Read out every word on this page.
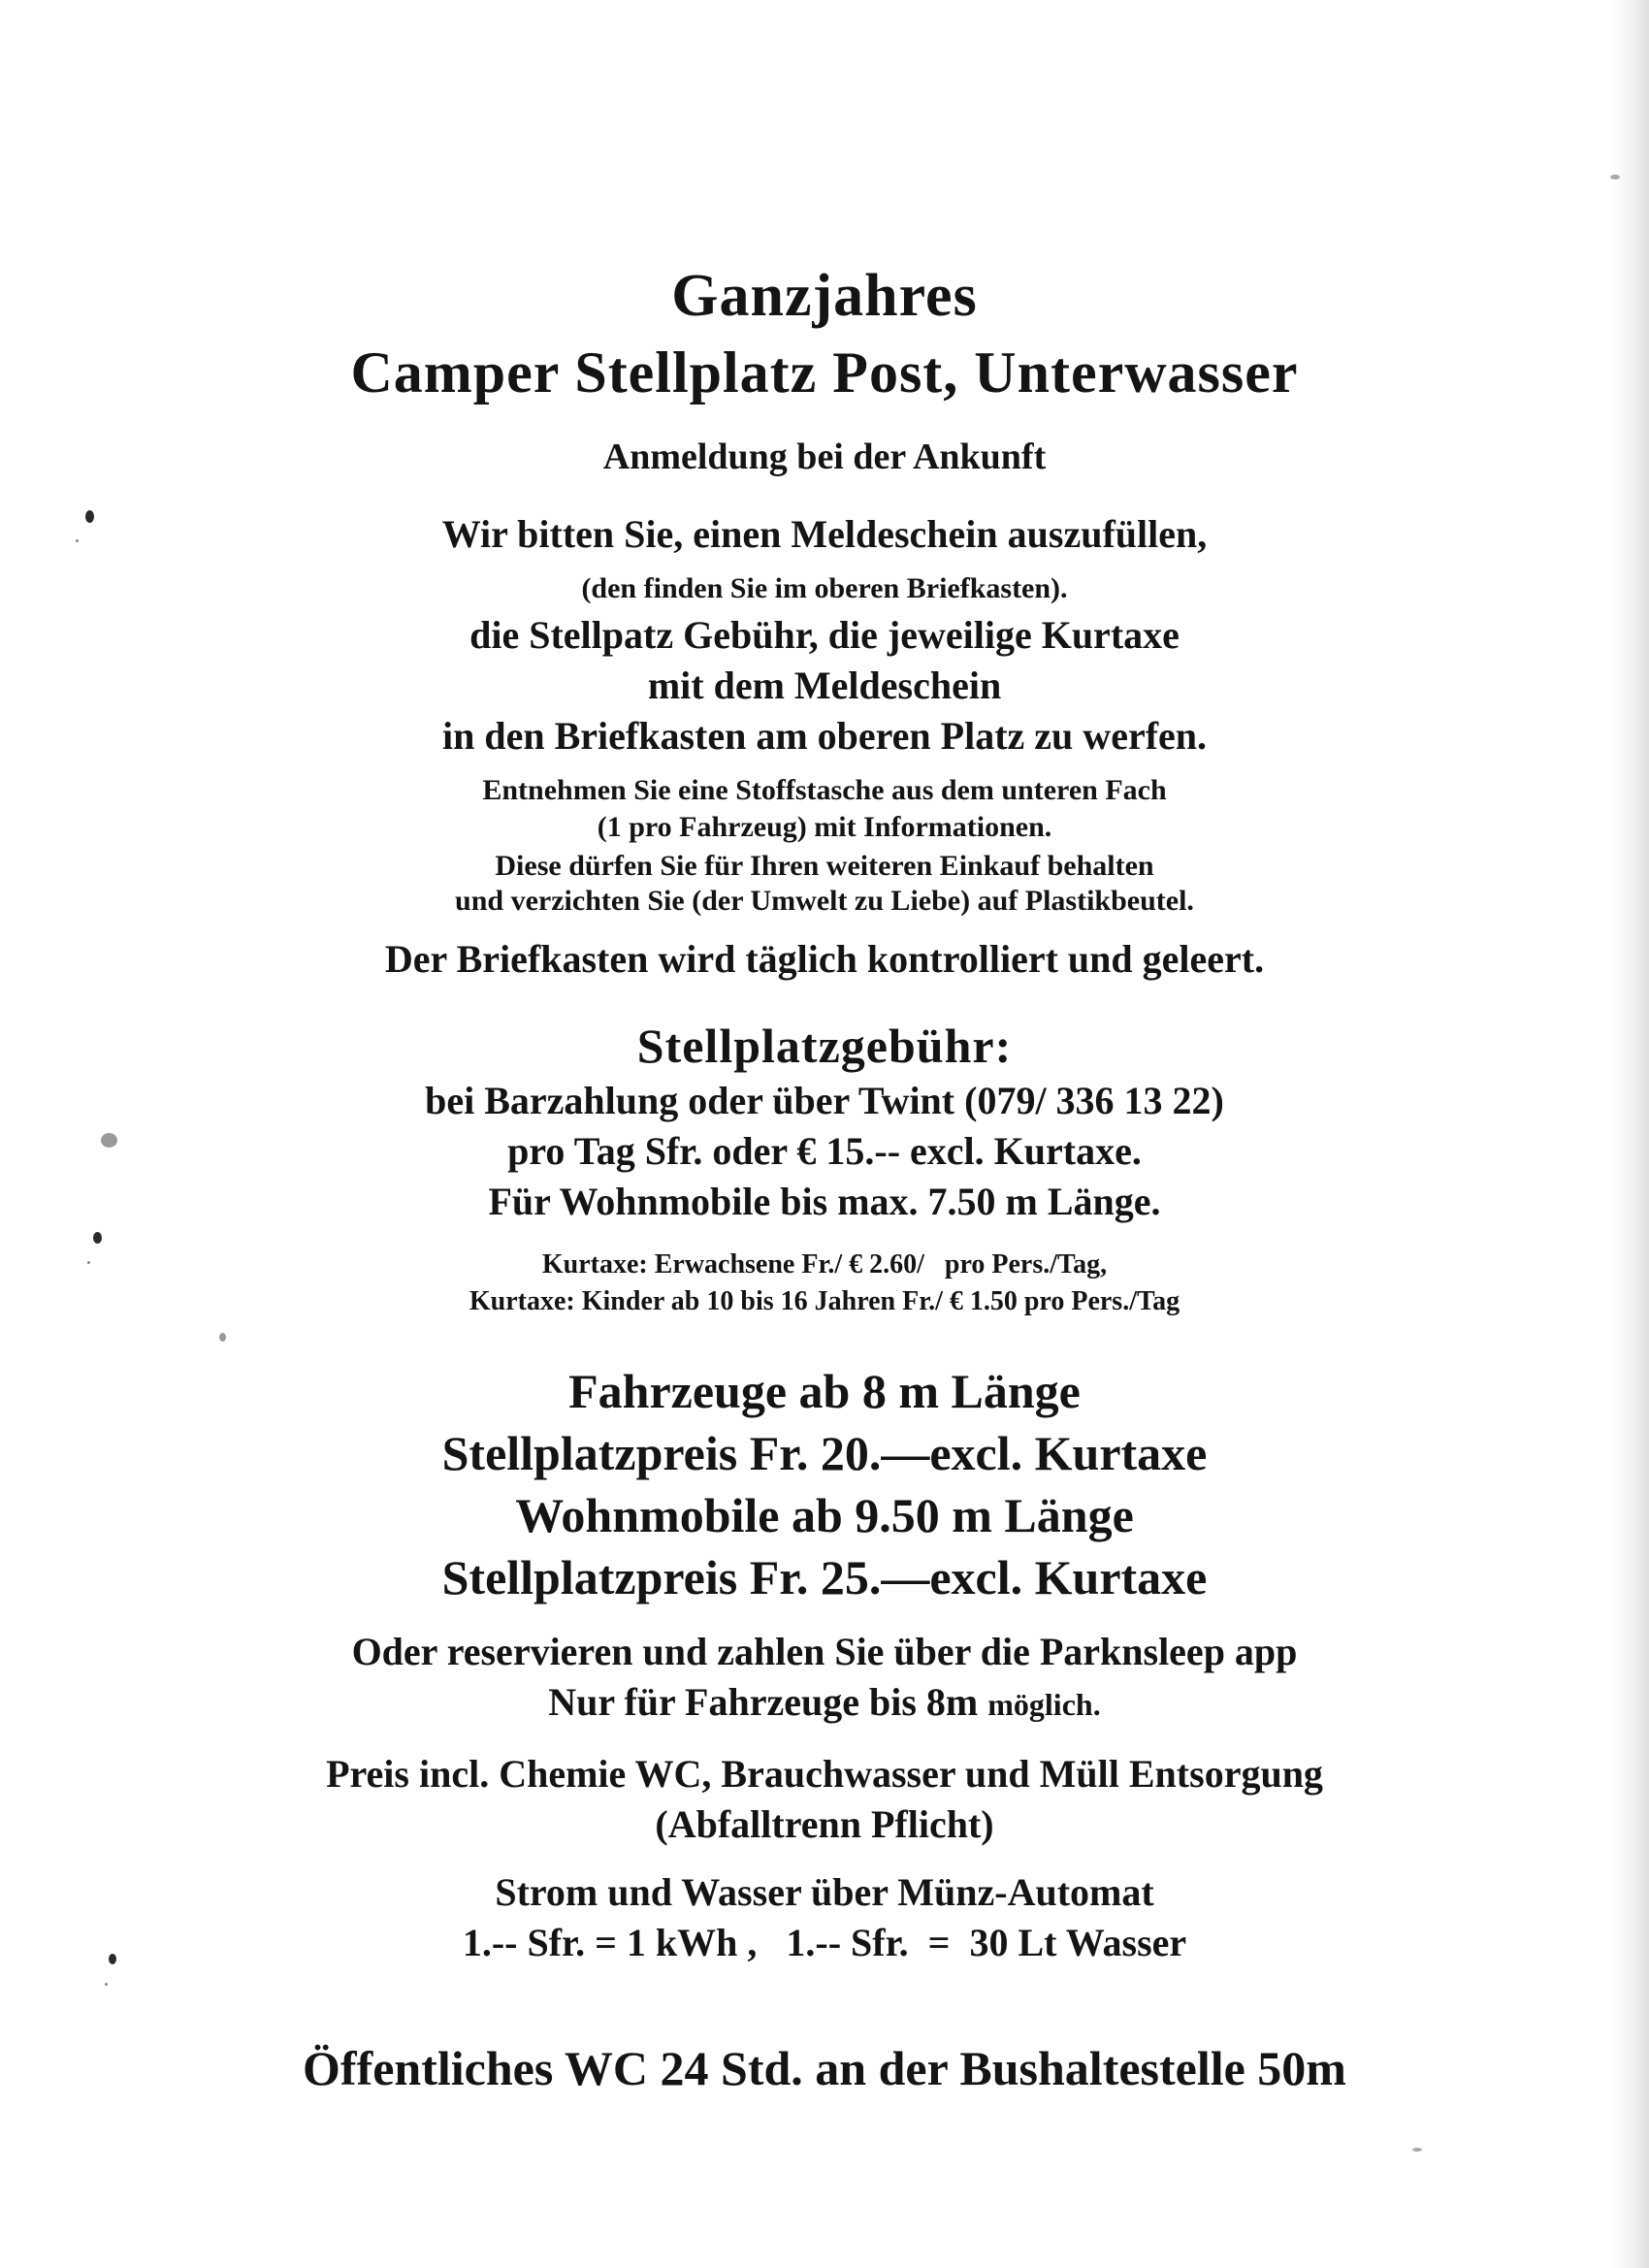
Ganzjahres
Camper Stellplatz Post, Unterwasser
Anmeldung bei der Ankunft
Wir bitten Sie, einen Meldeschein auszufüllen,
(den finden Sie im oberen Briefkasten).
die Stellpatz Gebühr, die jeweilige Kurtaxe
mit dem Meldeschein
in den Briefkasten am oberen Platz zu werfen.
Entnehmen Sie eine Stoffstasche aus dem unteren Fach
(1 pro Fahrzeug) mit Informationen.
Diese dürfen Sie für Ihren weiteren Einkauf behalten
und verzichten Sie (der Umwelt zu Liebe) auf Plastikbeutel.
Der Briefkasten wird täglich kontrolliert und geleert.
Stellplatzgebühr:
bei Barzahlung oder über Twint (079/ 336 13 22)
pro Tag Sfr. oder € 15.-- excl. Kurtaxe.
Für Wohnmobile bis max. 7.50 m Länge.
Kurtaxe: Erwachsene Fr./ € 2.60/   pro Pers./Tag,
Kurtaxe: Kinder ab 10 bis 16 Jahren Fr./ € 1.50 pro Pers./Tag
Fahrzeuge ab 8 m Länge
Stellplatzpreis Fr. 20.—excl. Kurtaxe
Wohnmobile ab 9.50 m Länge
Stellplatzpreis Fr. 25.—excl. Kurtaxe
Oder reservieren und zahlen Sie über die Parknsleep app
Nur für Fahrzeuge bis 8m möglich.
Preis incl. Chemie WC, Brauchwasser und Müll Entsorgung
(Abfalltrenn Pflicht)
Strom und Wasser über Münz-Automat
1.-- Sfr. = 1 kWh ,   1.-- Sfr.  =  30 Lt Wasser
Öffentliches WC 24 Std. an der Bushaltestelle 50m
